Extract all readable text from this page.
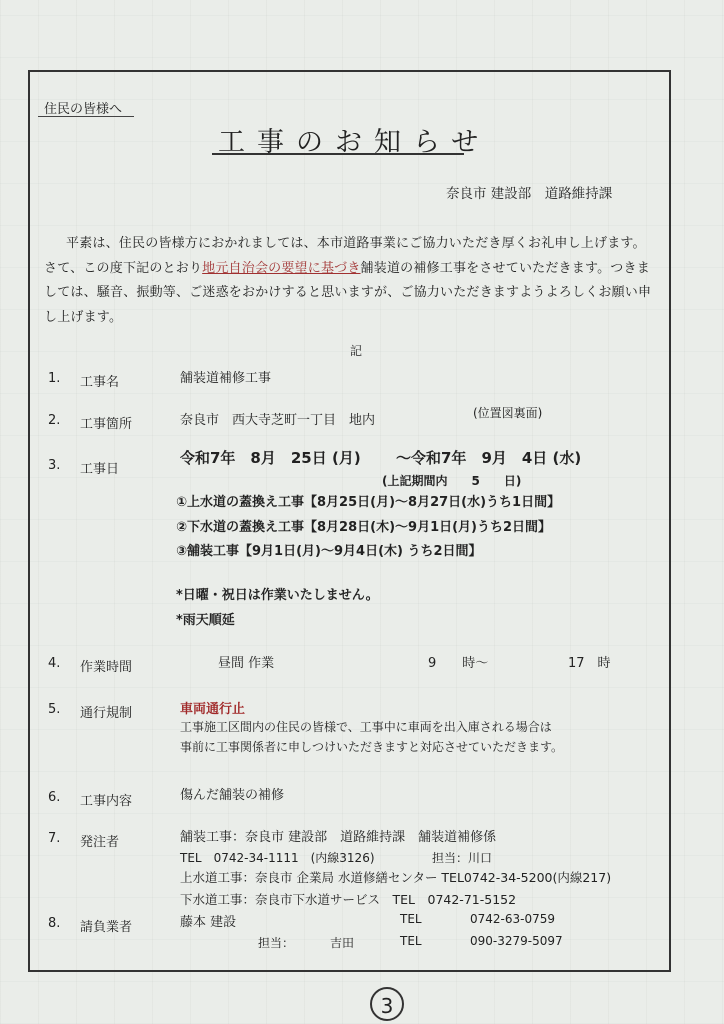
住民の皆様へ
工事のお知らせ
奈良市 建設部　道路維持課
平素は、住民の皆様方におかれましては、本市道路事業にご協力いただき厚くお礼申し上げます。さて、この度下記のとおり地元自治会の要望に基づき舗装道の補修工事をさせていただきます。つきましては、騒音、振動等、ご迷惑をおかけすると思いますが、ご協力いただきますようよろしくお願い申し上げます。
記
1. 工事名	舗装道補修工事
2. 工事箇所	奈良市　西大寺芝町一丁目　地内	(位置図裏面)
3. 工事日
令和7年　8月　25日 (月) ～令和7年　9月　4日 (水)
(上記期間内　　5　　日)
①上水道の蓋換え工事【8月25日(月)～8月27日(水)うち1日間】
②下水道の蓋換え工事【8月28日(木)～9月1日(月)うち2日間】
③舗装工事【9月1日(月)～9月4日(木) うち2日間】
*日曜・祝日は作業いたしません。
*雨天順延
4. 作業時間	昼間 作業	9　　時～	17　時
5. 通行規制	車両通行止
工事施工区間内の住民の皆様で、工事中に車両を出入庫される場合は
事前に工事関係者に申しつけいただきますと対応させていただきます。
6. 工事内容	傷んだ舗装の補修
7. 発注者	舗装工事：奈良市 建設部　道路維持課　舗装道補修係
TEL　0742-34-1111　(内線3126)	担当：川口
上水道工事：奈良市 企業局 水道修繕センター TEL0742-34-5200(内線217)
下水道工事：奈良市下水道サービス　TEL　0742-71-5152
8. 請負業者	藤本 建設	TEL	0742-63-0759
担当：	吉田	TEL	090-3279-5097
3
